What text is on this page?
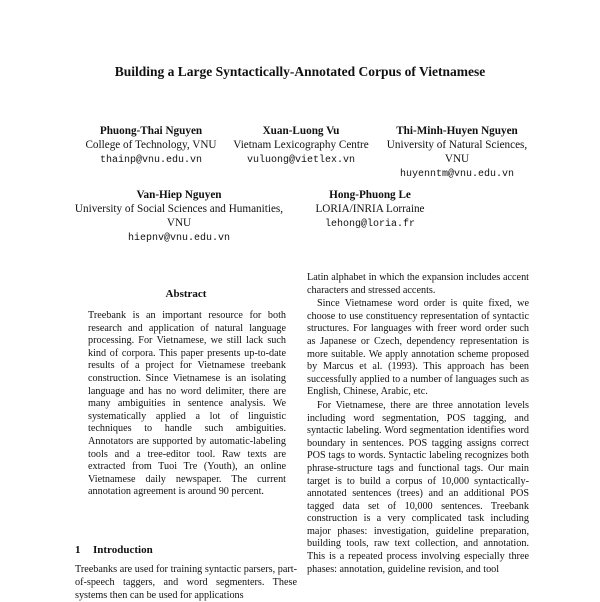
Building a Large Syntactically-Annotated Corpus of Vietnamese
Phuong-Thai Nguyen
College of Technology, VNU
thainp@vnu.edu.vn
Xuan-Luong Vu
Vietnam Lexicography Centre
vuluong@vietlex.vn
Thi-Minh-Huyen Nguyen
University of Natural Sciences, VNU
huyenntm@vnu.edu.vn
Van-Hiep Nguyen
University of Social Sciences and Humanities, VNU
hiepnv@vnu.edu.vn
Hong-Phuong Le
LORIA/INRIA Lorraine
lehong@loria.fr
Abstract
Treebank is an important resource for both research and application of natural language processing. For Vietnamese, we still lack such kind of corpora. This paper presents up-to-date results of a project for Vietnamese treebank construction. Since Vietnamese is an isolating language and has no word delimiter, there are many ambiguities in sentence analysis. We systematically applied a lot of linguistic techniques to handle such ambiguities. Annotators are supported by automatic-labeling tools and a tree-editor tool. Raw texts are extracted from Tuoi Tre (Youth), an online Vietnamese daily newspaper. The current annotation agreement is around 90 percent.
1 Introduction
Treebanks are used for training syntactic parsers, part-of-speech taggers, and word segmenters. These systems then can be used for applications

Latin alphabet in which the expansion includes accent characters and stressed accents.

Since Vietnamese word order is quite fixed, we choose to use constituency representation of syntactic structures. For languages with freer word order such as Japanese or Czech, dependency representation is more suitable. We apply annotation scheme proposed by Marcus et al. (1993). This approach has been successfully applied to a number of languages such as English, Chinese, Arabic, etc.

For Vietnamese, there are three annotation levels including word segmentation, POS tagging, and syntactic labeling. Word segmentation identifies word boundary in sentences. POS tagging assigns correct POS tags to words. Syntactic labeling recognizes both phrase-structure tags and functional tags. Our main target is to build a corpus of 10,000 syntactically-annotated sentences (trees) and an additional POS tagged data set of 10,000 sentences. Treebank construction is a very complicated task including major phases: investigation, guideline preparation, building tools, raw text collection, and annotation. This is a repeated process involving especially three phases: annotation, guideline revision, and tool
